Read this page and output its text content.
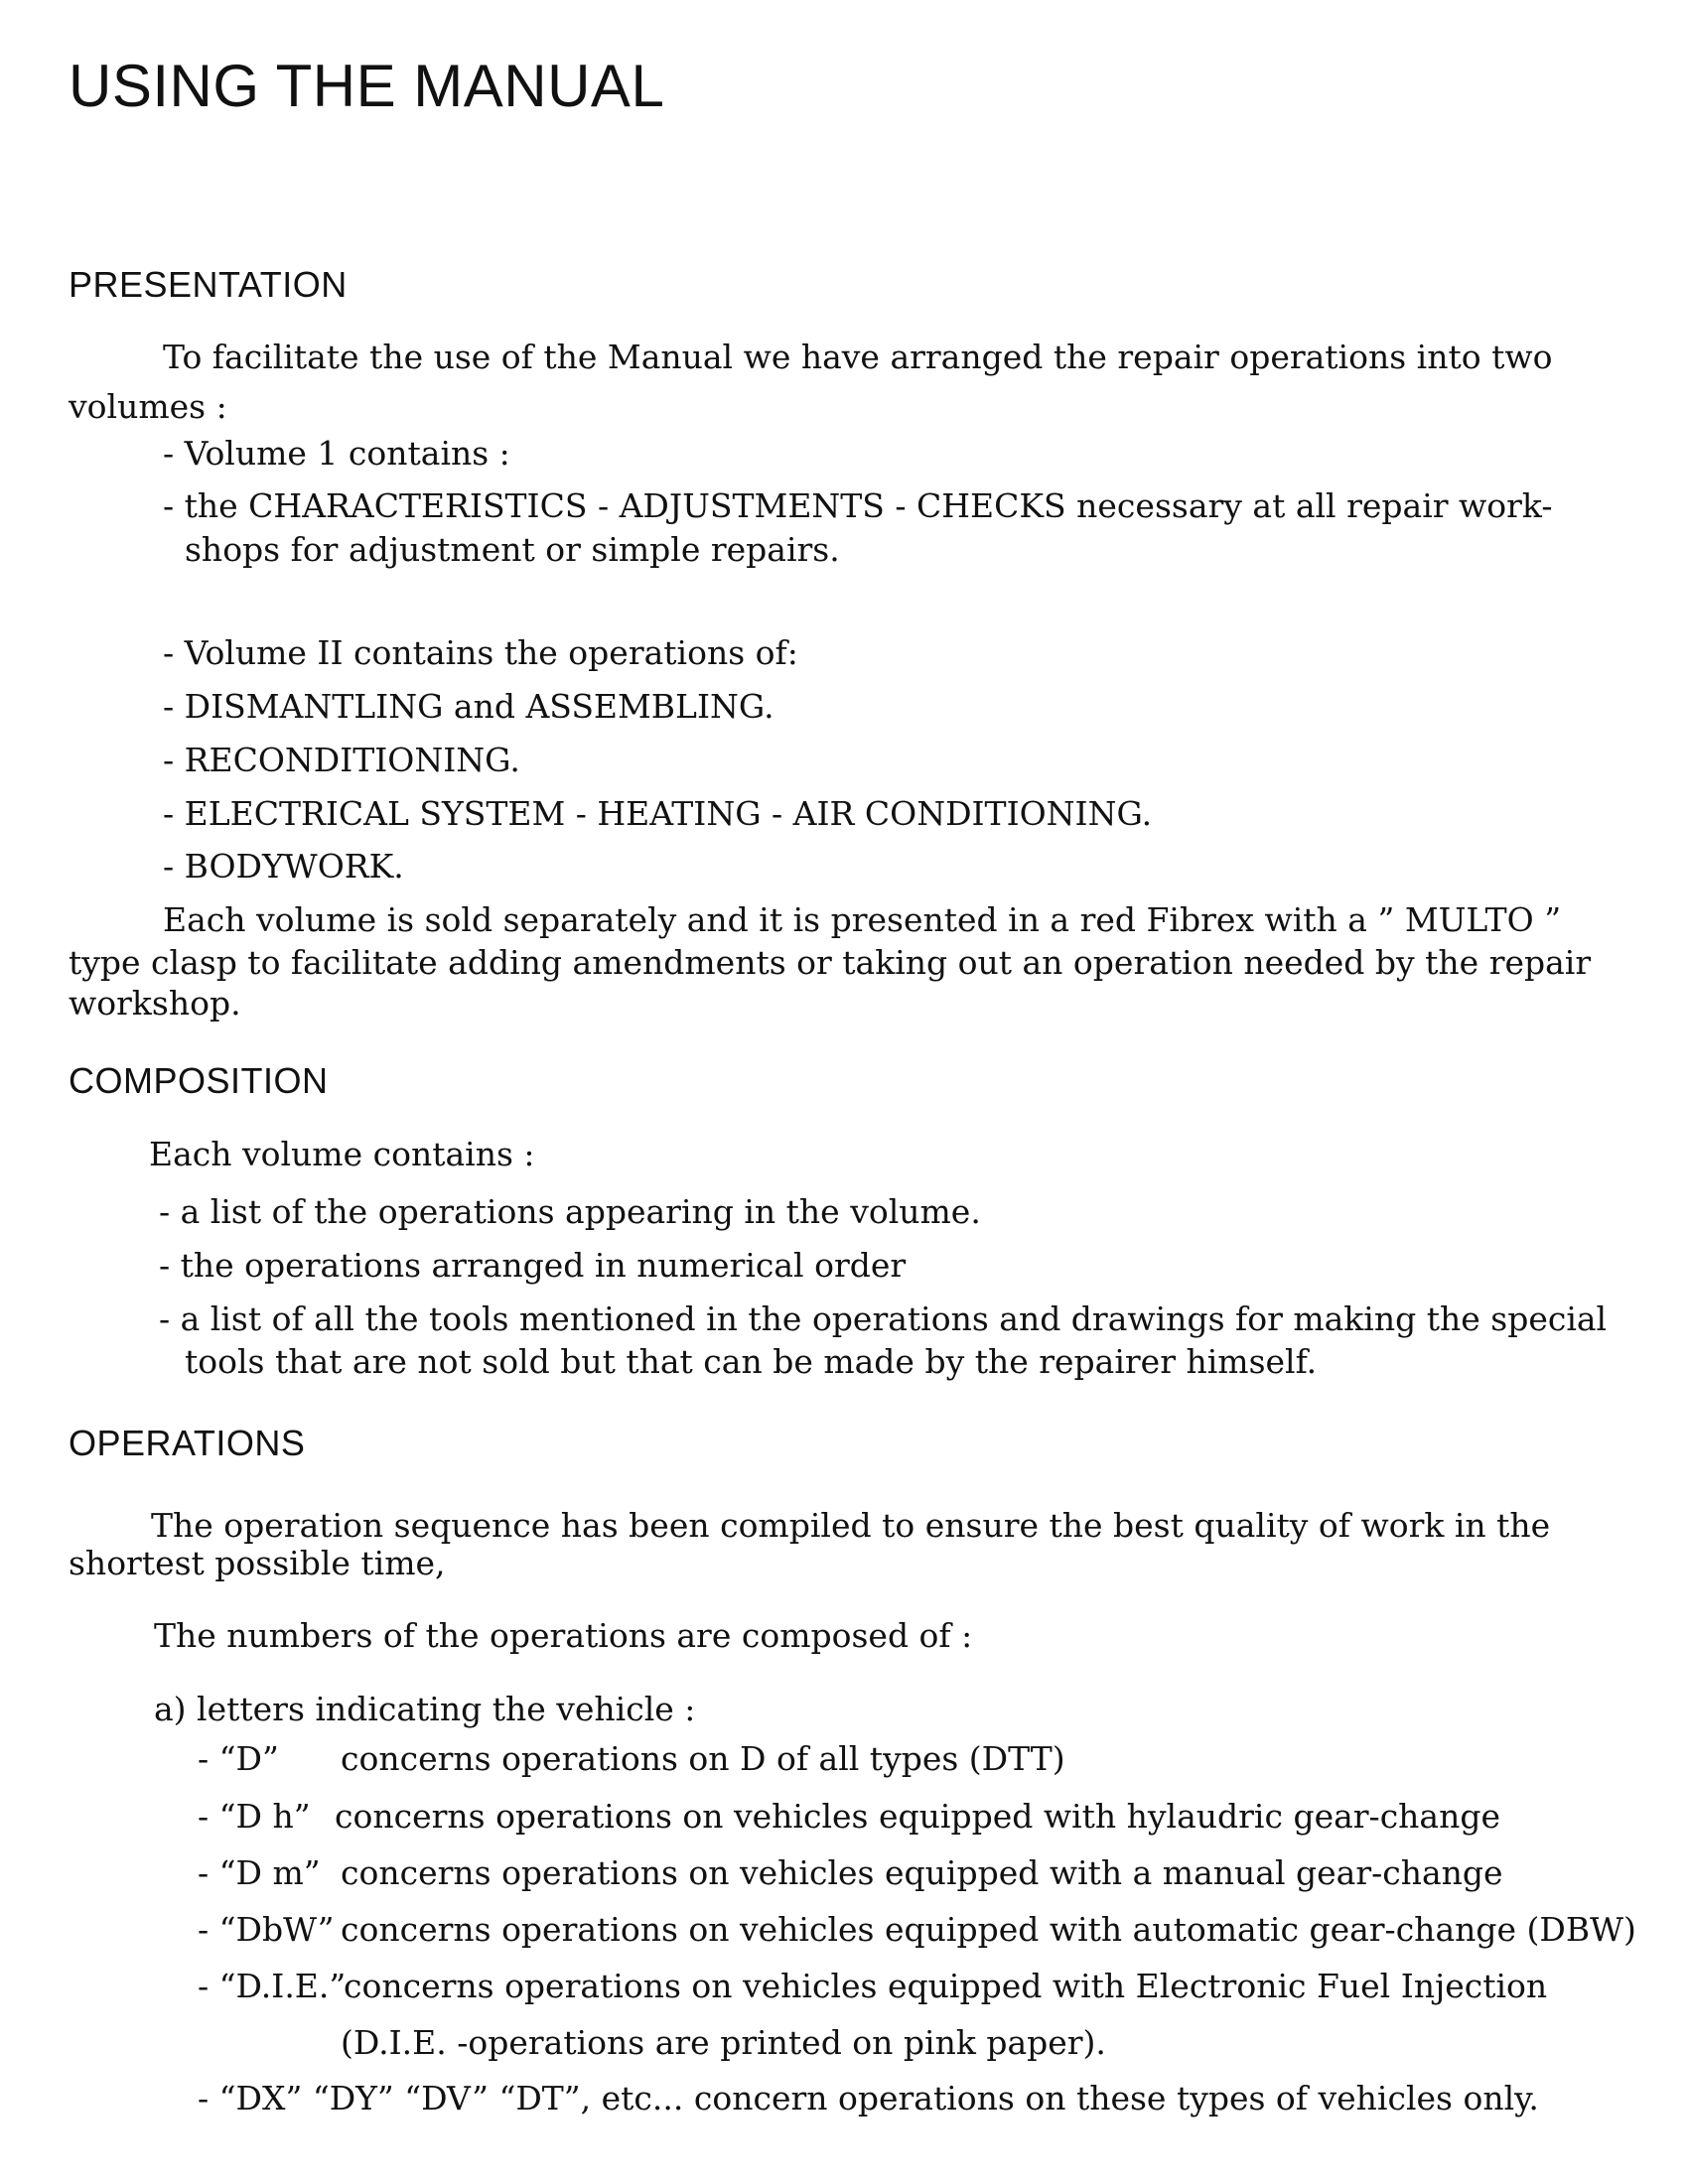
USING THE MANUAL
PRESENTATION
To facilitate the use of the Manual we have arranged the repair operations into two
volumes :
- Volume 1 contains :
- the CHARACTERISTICS - ADJUSTMENTS - CHECKS necessary at all repair work-
shops for adjustment or simple repairs.
- Volume II contains the operations of:
- DISMANTLING and ASSEMBLING.
- RECONDITIONING.
- ELECTRICAL SYSTEM - HEATING - AIR CONDITIONING.
- BODYWORK.
Each volume is sold separately and it is presented in a red Fibrex with a ” MULTO ”
type clasp to facilitate adding amendments or taking out an operation needed by the repair
workshop.
COMPOSITION
Each volume contains :
- a list of the operations appearing in the volume.
- the operations arranged in numerical order
- a list of all the tools mentioned in the operations and drawings for making the special
tools that are not sold but that can be made by the repairer himself.
OPERATIONS
The operation sequence has been compiled to ensure the best quality of work in the
shortest possible time,
The numbers of the operations are composed of :
a) letters indicating the vehicle :
- “D” concerns operations on D of all types (DTT)
- “D h” concerns operations on vehicles equipped with hylaudric gear-change
- “D m” concerns operations on vehicles equipped with a manual gear-change
- “DbW” concerns operations on vehicles equipped with automatic gear-change (DBW)
- “D.I.E.”
concerns operations on vehicles equipped with Electronic Fuel Injection
(D.I.E. -operations are printed on pink paper).
- “DX” “DY” “DV” “DT”, etc... concern operations on these types of vehicles only.
